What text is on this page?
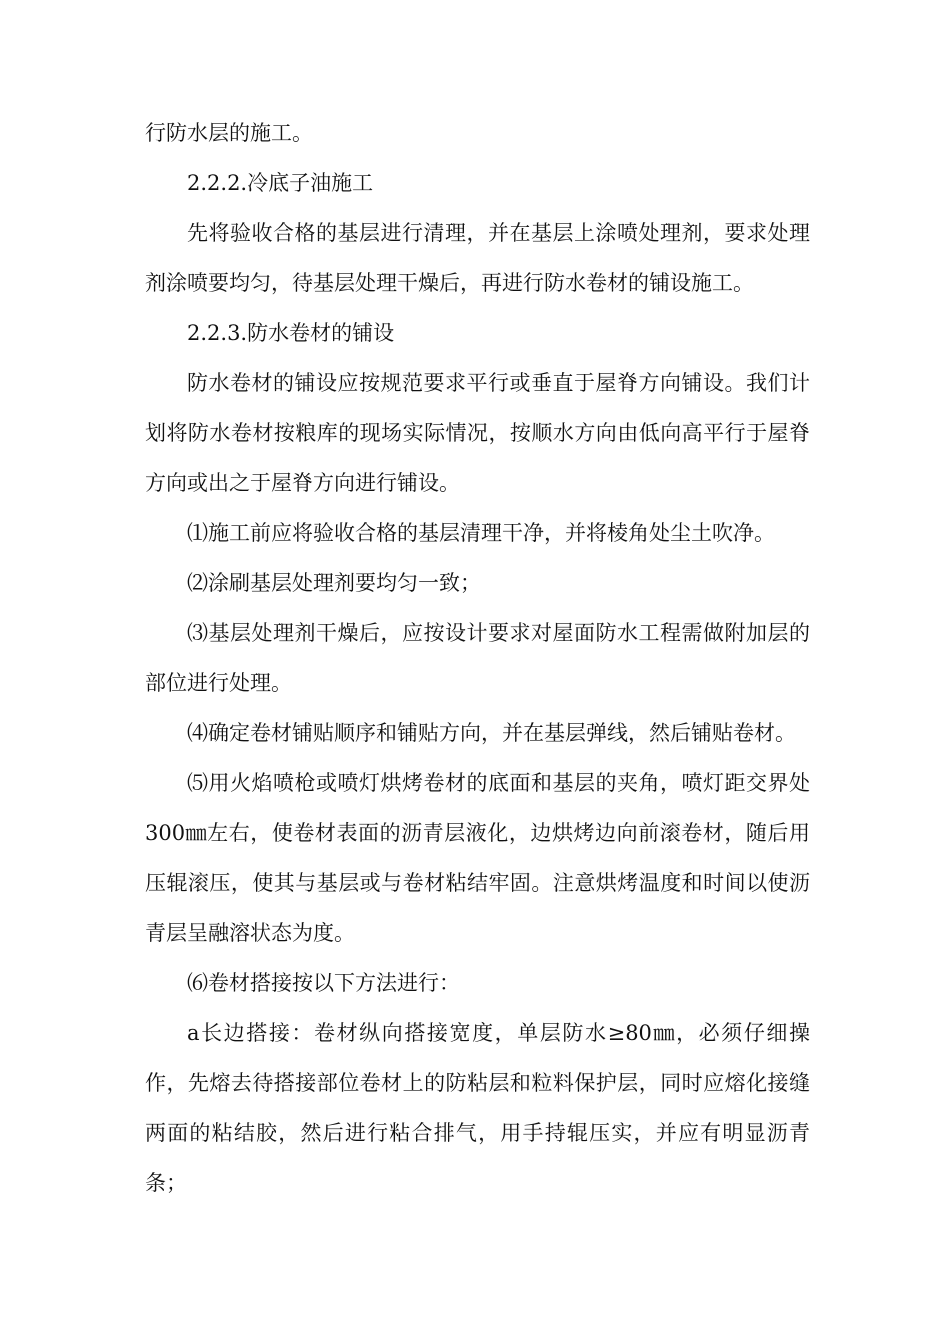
行防水层的施工。

2.2.2.冷底子油施工

先将验收合格的基层进行清理，并在基层上涂喷处理剂，要求处理剂涂喷要均匀，待基层处理干燥后，再进行防水卷材的铺设施工。

2.2.3.防水卷材的铺设

防水卷材的铺设应按规范要求平行或垂直于屋脊方向铺设。我们计划将防水卷材按粮库的现场实际情况，按顺水方向由低向高平行于屋脊方向或出之于屋脊方向进行铺设。

⑴施工前应将验收合格的基层清理干净，并将棱角处尘土吹净。

⑵涂刷基层处理剂要均匀一致；

⑶基层处理剂干燥后，应按设计要求对屋面防水工程需做附加层的部位进行处理。

⑷确定卷材铺贴顺序和铺贴方向，并在基层弹线，然后铺贴卷材。

⑸用火焰喷枪或喷灯烘烤卷材的底面和基层的夹角，喷灯距交界处300㎜左右，使卷材表面的沥青层液化，边烘烤边向前滚卷材，随后用压辊滚压，使其与基层或与卷材粘结牢固。注意烘烤温度和时间以使沥青层呈融溶状态为度。

⑹卷材搭接按以下方法进行：

a长边搭接：卷材纵向搭接宽度，单层防水≥80㎜，必须仔细操作，先熔去待搭接部位卷材上的防粘层和粒料保护层，同时应熔化接缝两面的粘结胶，然后进行粘合排气，用手持辊压实，并应有明显沥青条；
